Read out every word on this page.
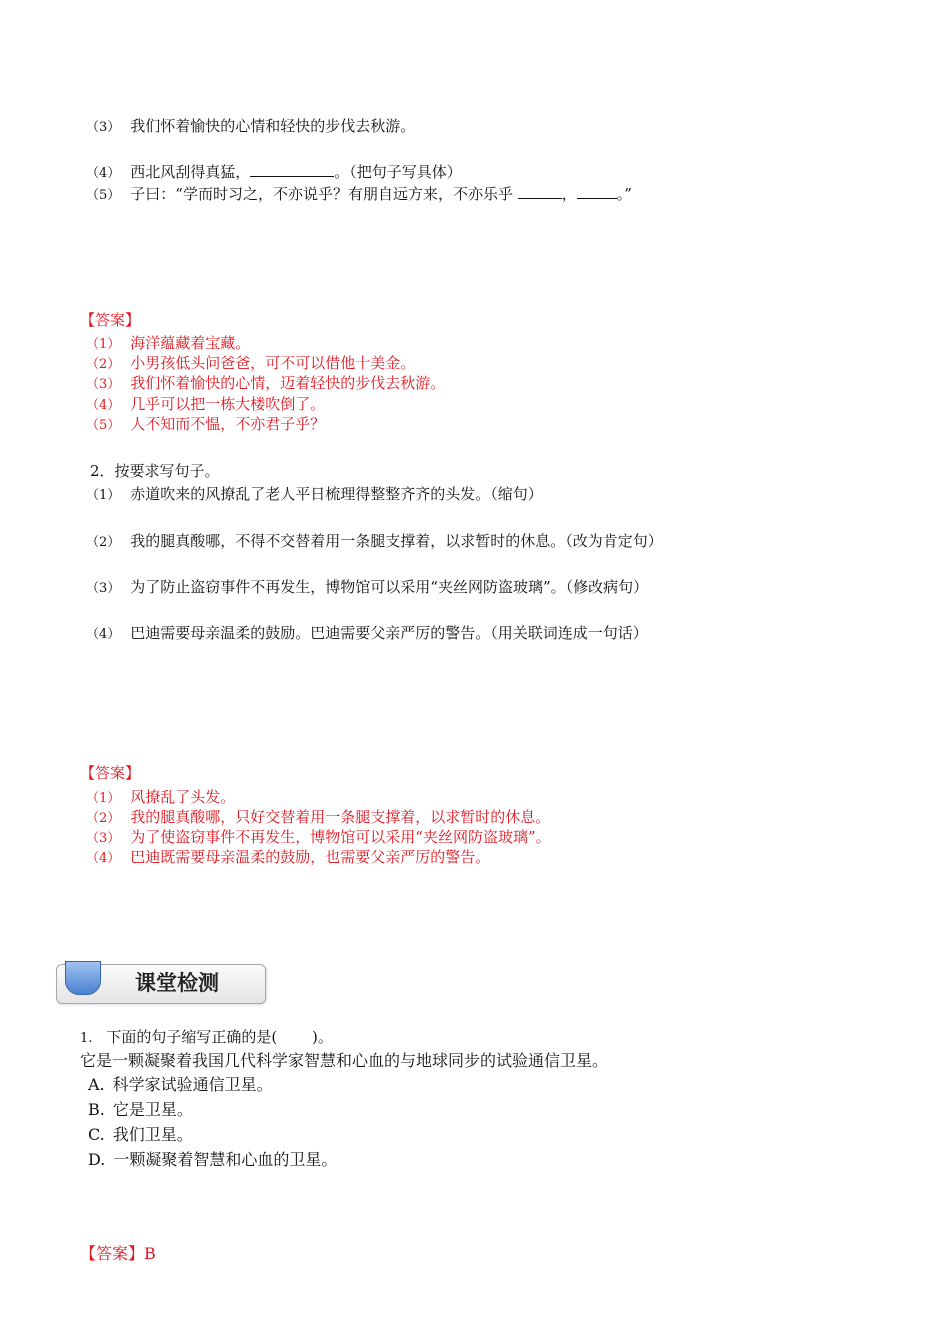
（3） 我们怀着愉快的心情和轻快的步伐去秋游。
（4） 西北风刮得真猛，	。（把句子写具体）
（5） 子曰：“学而时习之，不亦说乎？有朋自远方来，不亦乐乎	，	。”
【答案】
（1） 海洋蕴藏着宝藏。
（2） 小男孩低头问爸爸，可不可以借他十美金。
（3） 我们怀着愉快的心情，迈着轻快的步伐去秋游。
（4） 几乎可以把一栋大楼吹倒了。
（5） 人不知而不愠，不亦君子乎？
2．按要求写句子。
（1） 赤道吹来的风撩乱了老人平日梳理得整整齐齐的头发。（缩句）
（2） 我的腿真酸哪，不得不交替着用一条腿支撑着，以求暂时的休息。（改为肯定句）
（3） 为了防止盗窃事件不再发生，博物馆可以采用“夹丝网防盗玻璃”。（修改病句）
（4） 巴迪需要母亲温柔的鼓励。巴迪需要父亲严厉的警告。（用关联词连成一句话）
【答案】
（1） 风撩乱了头发。
（2） 我的腿真酸哪，只好交替着用一条腿支撑着，以求暂时的休息。
（3） 为了使盗窃事件不再发生，博物馆可以采用“夹丝网防盗玻璃”。
（4） 巴迪既需要母亲温柔的鼓励，也需要父亲严厉的警告。
课堂检测
1. 下面的句子缩写正确的是(　　 )。
它是一颗凝聚着我国几代科学家智慧和心血的与地球同步的试验通信卫星。
A. 科学家试验通信卫星。
B. 它是卫星。
C. 我们卫星。
D. 一颗凝聚着智慧和心血的卫星。
【答案】B
